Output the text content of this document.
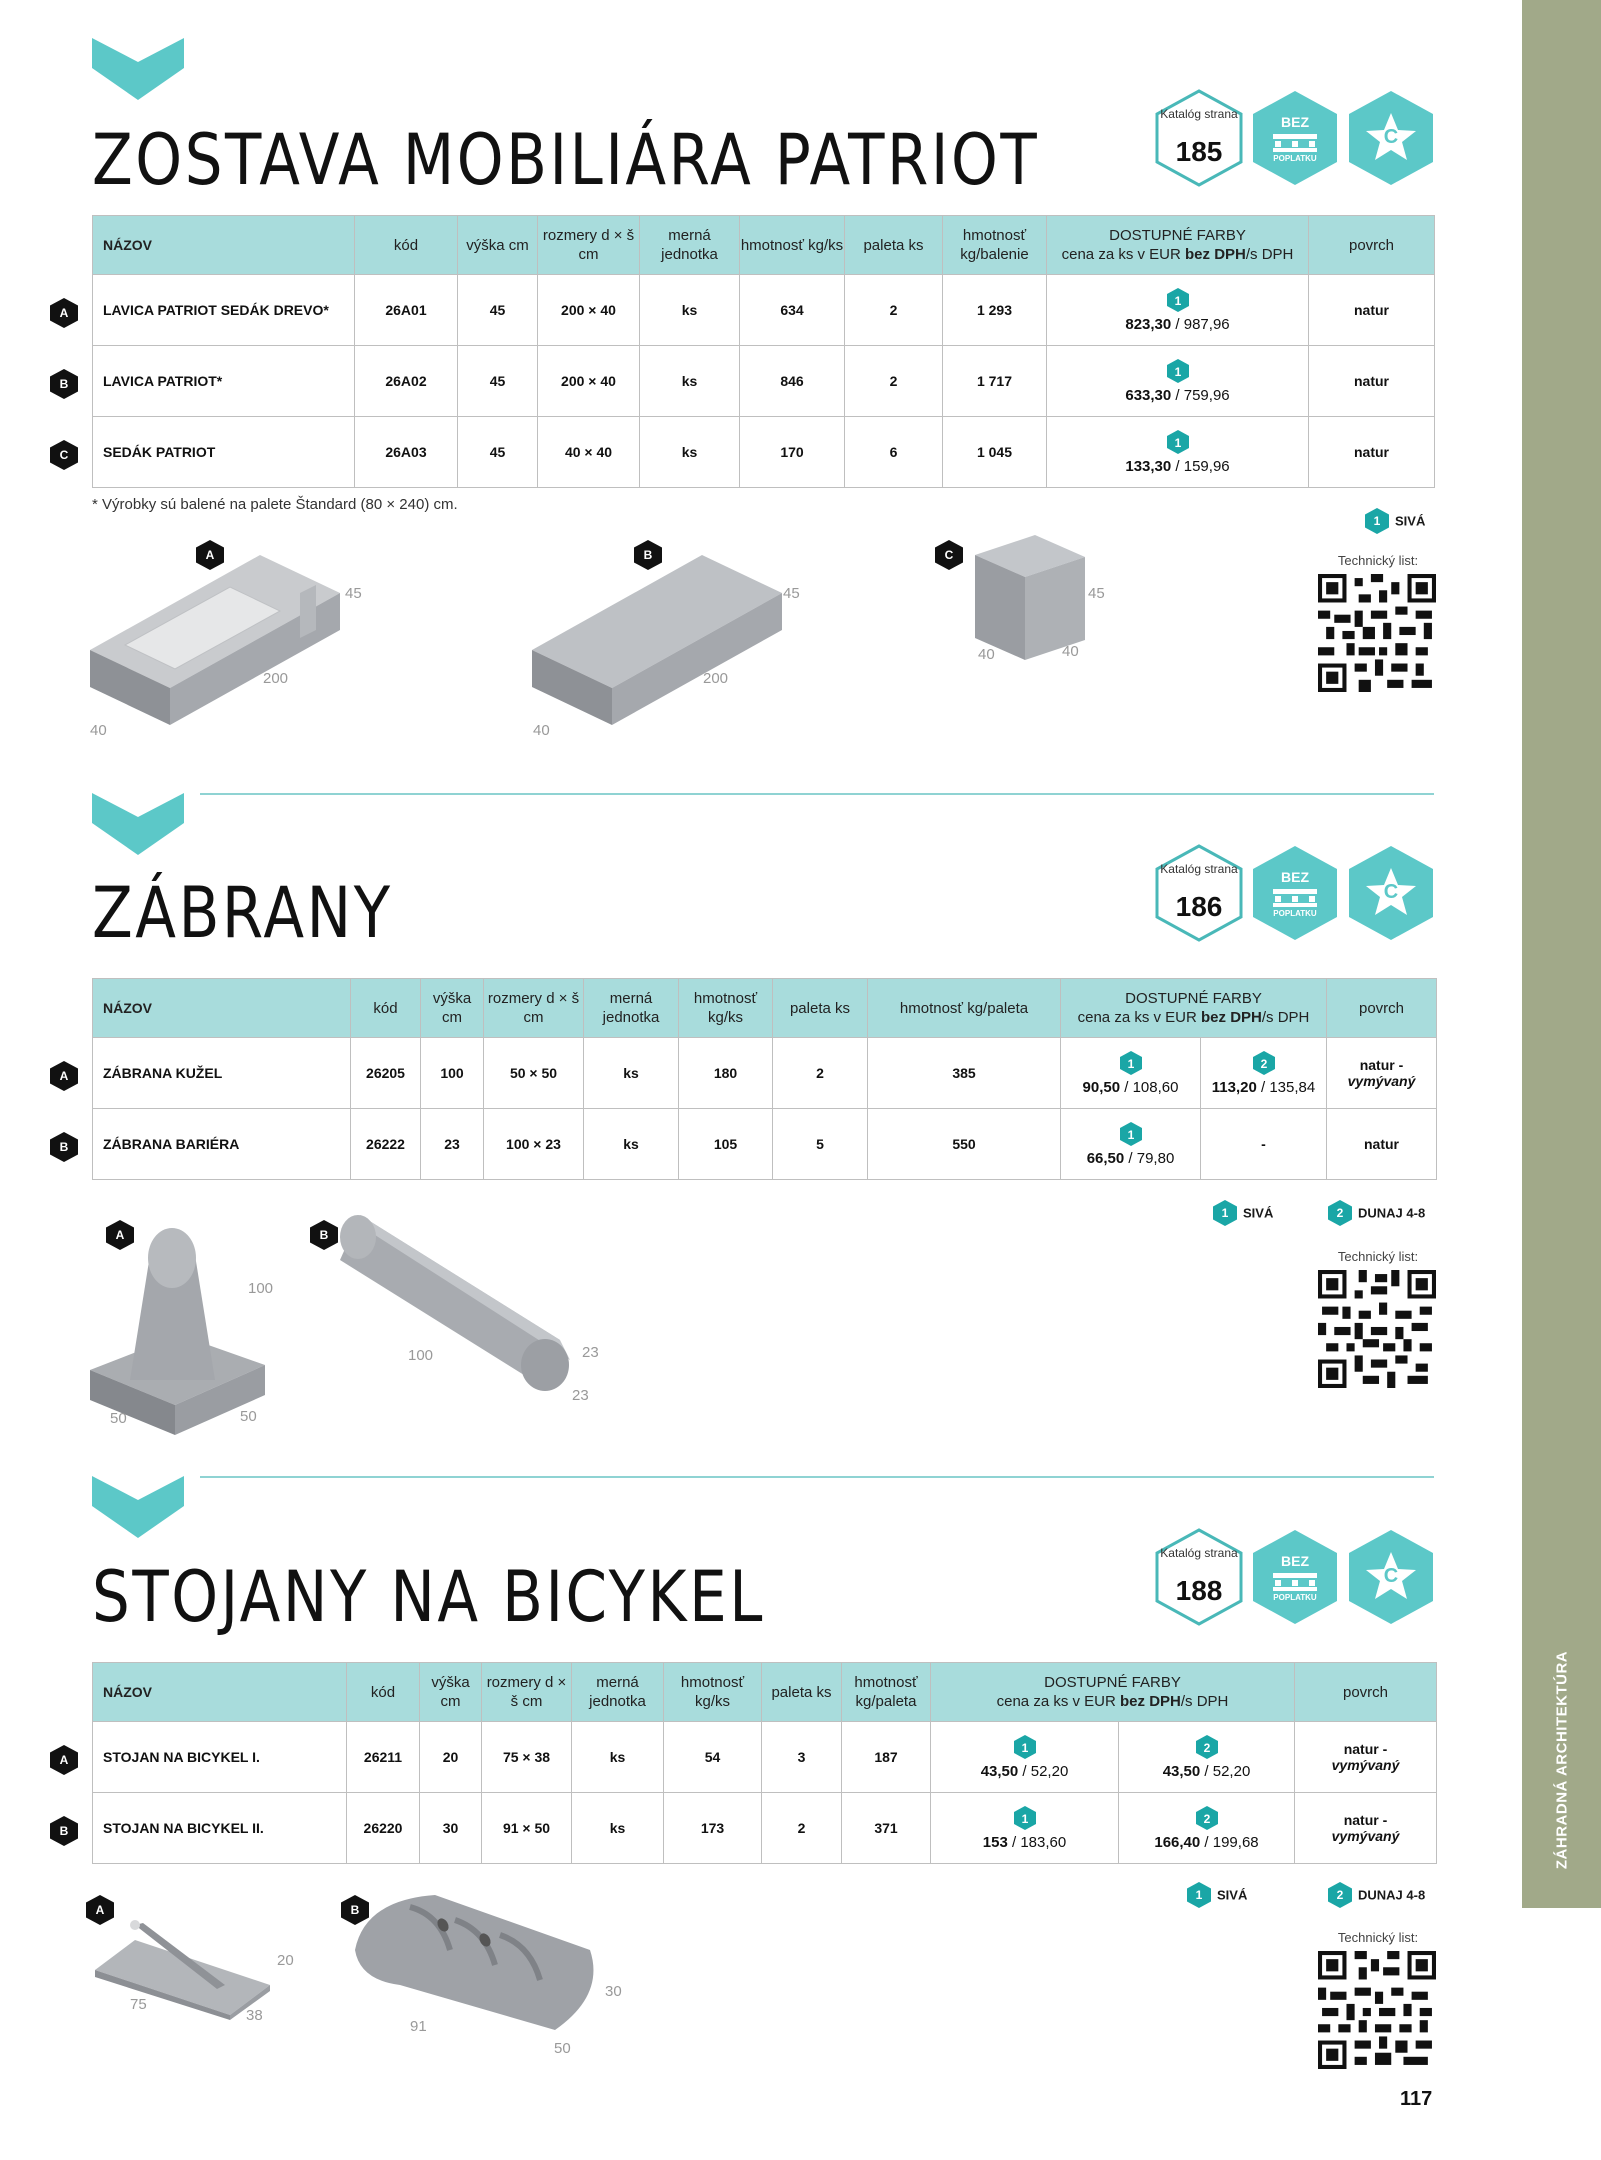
ZÁHRADNÁ ARCHITEKTÚRA
ZOSTAVA MOBILIÁRA PATRIOT
Katalóg strana
185
BEZ
POPLATKU
C
NÁZOV	kód	výška cm	rozmery d × š cm	merná jednotka	hmotnosť kg/ks	paleta ks	hmotnosť kg/balenie	DOSTUPNÉ FARBY
cena za ks v EUR bez DPH/s DPH	povrch
LAVICA PATRIOT SEDÁK DREVO*	26A01	45	200 × 40	ks	634	2	1 293	1
823,30 / 987,96	natur
LAVICA PATRIOT*	26A02	45	200 × 40	ks	846	2	1 717	1
633,30 / 759,96	natur
SEDÁK PATRIOT	26A03	45	40 × 40	ks	170	6	1 045	1
133,30 / 159,96	natur
A
B
C
* Výrobky sú balené na palete Štandard (80 × 240) cm.
1	SIVÁ
Technický list:
A
45
200
40
B
45
200
40
C
45
40
40
ZÁBRANY
Katalóg strana
186
BEZ
POPLATKU
C
NÁZOV	kód	výška cm	rozmery d × š cm	merná jednotka	hmotnosť kg/ks	paleta ks	hmotnosť kg/paleta	DOSTUPNÉ FARBY
cena za ks v EUR bez DPH/s DPH		povrch
ZÁBRANA KUŽEL	26205	100	50 × 50	ks	180	2	385	1
90,50 / 108,60	2
113,20 / 135,84	natur -
vymývaný
ZÁBRANA BARIÉRA	26222	23	100 × 23	ks	105	5	550	1
66,50 / 79,80	-	natur
A
B
1	SIVÁ	2	DUNAJ 4-8
Technický list:
A
100
50	50
B
100	23
23
STOJANY NA BICYKEL
Katalóg strana
188
BEZ
POPLATKU
C
NÁZOV	kód	výška cm	rozmery d × š cm	merná jednotka	hmotnosť kg/ks	paleta ks	hmotnosť kg/paleta	DOSTUPNÉ FARBY
cena za ks v EUR bez DPH/s DPH		povrch
STOJAN NA BICYKEL I.	26211	20	75 × 38	ks	54	3	187	1
43,50 / 52,20	2
43,50 / 52,20	natur -
vymývaný
STOJAN NA BICYKEL II.	26220	30	91 × 50	ks	173	2	371	1
153 / 183,60	2
166,40 / 199,68	natur -
vymývaný
A
B
1	SIVÁ	2	DUNAJ 4-8
Technický list:
A
20
75
38
B
30
91
50
117
